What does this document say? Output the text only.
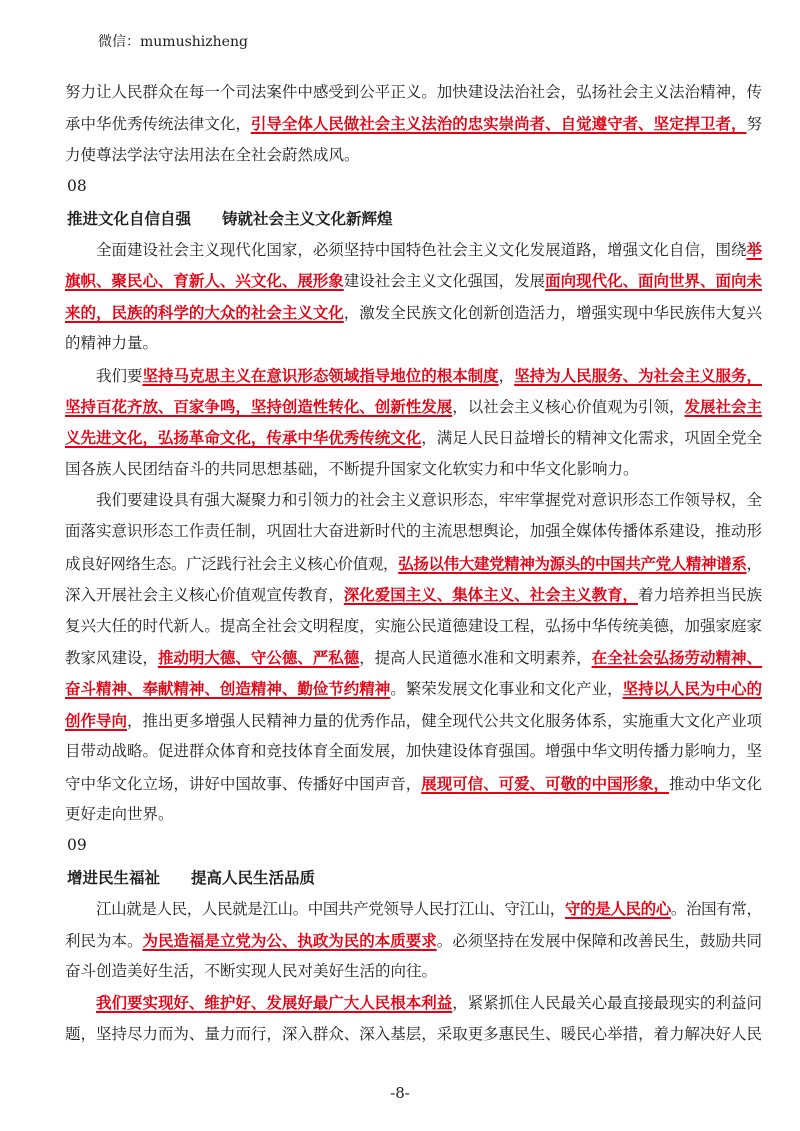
微信：mumushizheng
努力让人民群众在每一个司法案件中感受到公平正义。加快建设法治社会，弘扬社会主义法治精神，传
承中华优秀传统法律文化，引导全体人民做社会主义法治的忠实崇尚者、自觉遵守者、坚定捍卫者，努
力使尊法学法守法用法在全社会蔚然成风。
08
推进文化自信自强 铸就社会主义文化新辉煌
全面建设社会主义现代化国家，必须坚持中国特色社会主义文化发展道路，增强文化自信，围绕举
旗帜、聚民心、育新人、兴文化、展形象建设社会主义文化强国，发展面向现代化、面向世界、面向未
来的，民族的科学的大众的社会主义文化，激发全民族文化创新创造活力，增强实现中华民族伟大复兴
的精神力量。
我们要坚持马克思主义在意识形态领域指导地位的根本制度，坚持为人民服务、为社会主义服务，
坚持百花齐放、百家争鸣，坚持创造性转化、创新性发展，以社会主义核心价值观为引领，发展社会主
义先进文化，弘扬革命文化，传承中华优秀传统文化，满足人民日益增长的精神文化需求，巩固全党全
国各族人民团结奋斗的共同思想基础，不断提升国家文化软实力和中华文化影响力。
我们要建设具有强大凝聚力和引领力的社会主义意识形态，牢牢掌握党对意识形态工作领导权，全
面落实意识形态工作责任制，巩固壮大奋进新时代的主流思想舆论，加强全媒体传播体系建设，推动形
成良好网络生态。广泛践行社会主义核心价值观，弘扬以伟大建党精神为源头的中国共产党人精神谱系，
深入开展社会主义核心价值观宣传教育，深化爱国主义、集体主义、社会主义教育，着力培养担当民族
复兴大任的时代新人。提高全社会文明程度，实施公民道德建设工程，弘扬中华传统美德，加强家庭家
教家风建设，推动明大德、守公德、严私德，提高人民道德水准和文明素养，在全社会弘扬劳动精神、
奋斗精神、奉献精神、创造精神、勤俭节约精神。繁荣发展文化事业和文化产业，坚持以人民为中心的
创作导向，推出更多增强人民精神力量的优秀作品，健全现代公共文化服务体系，实施重大文化产业项
目带动战略。促进群众体育和竞技体育全面发展，加快建设体育强国。增强中华文明传播力影响力，坚
守中华文化立场，讲好中国故事、传播好中国声音，展现可信、可爱、可敬的中国形象，推动中华文化
更好走向世界。
09
增进民生福祉 提高人民生活品质
江山就是人民，人民就是江山。中国共产党领导人民打江山、守江山，守的是人民的心。治国有常，
利民为本。为民造福是立党为公、执政为民的本质要求。必须坚持在发展中保障和改善民生，鼓励共同
奋斗创造美好生活，不断实现人民对美好生活的向往。
我们要实现好、维护好、发展好最广大人民根本利益，紧紧抓住人民最关心最直接最现实的利益问
题，坚持尽力而为、量力而行，深入群众、深入基层，采取更多惠民生、暖民心举措，着力解决好人民
-8-
